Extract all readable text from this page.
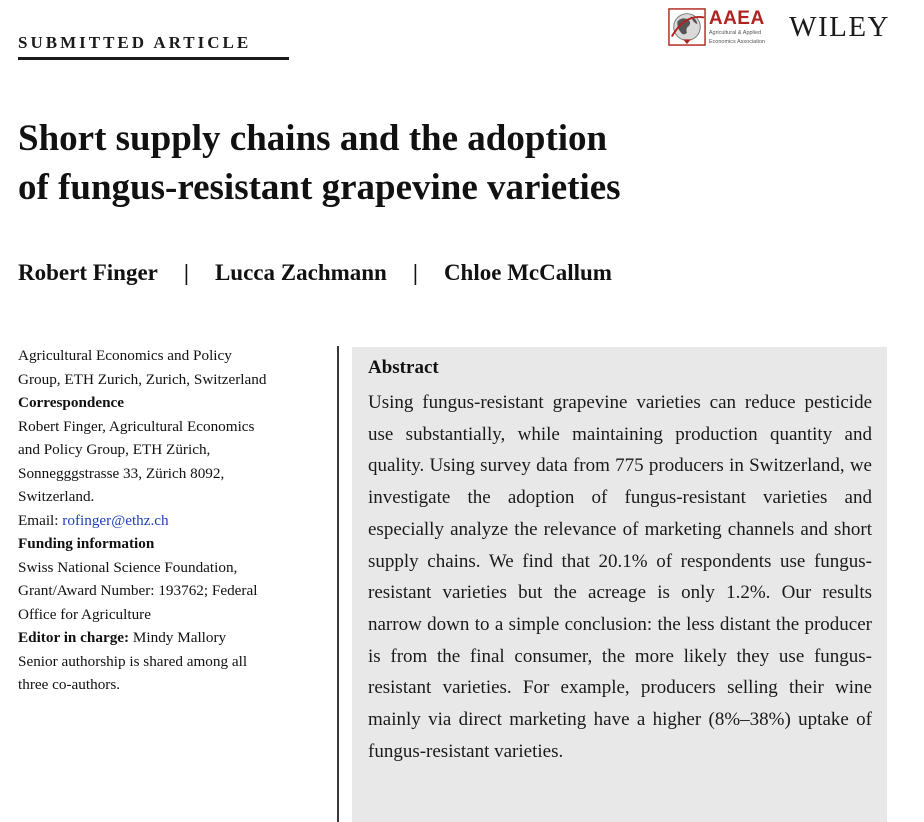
SUBMITTED ARTICLE
AAEA
Agricultural & Applied
Economics Association WILEY
Short supply chains and the adoption
of fungus-resistant grapevine varieties
Robert Finger | Lucca Zachmann | Chloe McCallum

Agricultural Economics and Policy
Group, ETH Zurich, Zurich, Switzerland

Correspondence
Robert Finger, Agricultural Economics
and Policy Group, ETH Zürich,
Sonnegggstrasse 33, Zürich 8092,
Switzerland.
Email: rofinger@ethz.ch

Funding information
Swiss National Science Foundation,
Grant/Award Number: 193762; Federal
Office for Agriculture

Editor in charge: Mindy Mallory

Senior authorship is shared among all
three co-authors.

Abstract

Using fungus-resistant grapevine varieties can reduce pesticide use substantially, while maintaining production quantity and quality. Using survey data from 775 producers in Switzerland, we investigate the adoption of fungus-resistant varieties and especially analyze the relevance of marketing channels and short supply chains. We find that 20.1% of respondents use fungus-resistant varieties but the acreage is only 1.2%. Our results narrow down to a simple conclusion: the less distant the producer is from the final consumer, the more likely they use fungus-resistant varieties. For example, producers selling their wine mainly via direct marketing have a higher (8%–38%) uptake of fungus-resistant varieties.
